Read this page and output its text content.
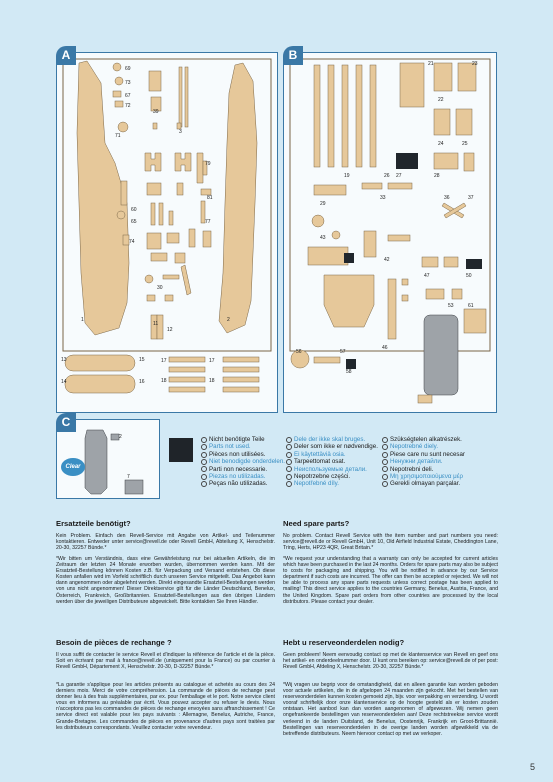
69
73
67
72
71
39
3
79
60
65
81
74
77
30
11
12
1	2
13
14
15
16
17	17
18	18
A
21	23
22
24	25
26 27	28
19
29
33	36	37
43
42
47	50
46
53	61
56	57
58
B
2
7
C
Clear
Nicht benötigte Teile
Parts not used.
Pièces non utilisées.
Niet benodigde onderdelen.
Parti non necessarie.
Piezas no utilizadas.
Peças não utilizadas.
Dele der ikke skal bruges.
Deler som ikke er nødvendige.
Ei käytettäviä osia.
Tarpeettomat osat.
Неиспользуемые детали.
Nepotrzebne części.
Nepotřebné díly.
Szükségtelen alkatrészek.
Nepotrebné diely.
Piese care nu sunt necesar
Ненужни детайли.
Nepotrebni deli.
Μη χρησιμοποιούμενα μέρ
Gerekli olmayan parçalar.
Ersatzteile benötigt?
Kein Problem. Einfach den Revell-Service mit Angabe von Artikel- und Teilenummer kontaktieren. Entweder unter service@revell.de oder Revell GmbH, Abteilung X, Henschelstr. 20-30, 32257 Bünde.*
*Wir bitten um Verständnis, dass eine Gewährleistung nur bei aktuellen Artikeln, die im Zeitraum der letzten 24 Monate erworben wurden, übernommen werden kann. Mit der Ersatzteil-Bestellung können Kosten z.B. für Verpackung und Versand entstehen. Ob diese Kosten anfallen wird im Vorfeld schriftlich durch unseren Service mitgeteilt. Das Angebot kann dann angenommen oder abgelehnt werden. Direkt eingesandte Ersatzteil-Bestellungen werden von uns nicht angenommen! Dieser Direktservice gilt für die Länder Deutschland, Benelux, Österreich, Frankreich, Großbritannien. Ersatzteil-Bestellungen aus den übrigen Ländern werden über die jeweiligen Distributeure abgewickelt. Bitte kontaktien Sie Ihren Händler.
Besoin de pièces de rechange ?
Il vous suffit de contacter le service Revell et d'indiquer la référence de l'article et de la pièce. Soit en écrivant par mail à france@revell.de (uniquement pour la France) ou par courrier à Revell GmbH, Département X, Henschelstr. 20-30, D-32257 Bünde.*
*La garantie s'applique pour les articles présents au catalogue et achetés au cours des 24 derniers mois. Merci de votre compréhension. La commande de pièces de rechange peut donner lieu à des frais supplémentaires, par ex. pour l'emballage et le port. Notre service client vous en informera au préalable par écrit. Vous pouvez accepter ou refuser le devis. Nous n'acceptons pas les commandes de pièces de rechange envoyées sans affranchissement ! Ce service direct est valable pour les pays suivants : Allemagne, Benelux, Autriche, France, Grande-Bretagne. Les commandes de pièces en provenance d'autres pays sont traitées par les distributeurs correspondants. Veuillez contacter votre revendeur.
Need spare parts?
No problem. Contact Revell Service with the item number and part numbers you need: service@revell.de or Revell GmbH, Unit 10, Old Airfield Industrial Estate, Cheddington Lane, Tring, Herts, HP23 4QR, Great Britain.*
*We request your understanding that a warranty can only be accepted for current articles which have been purchased in the last 24 months. Orders for spare parts may also be subject to costs for packaging and shipping. You will be notified in advance by our Service department if such costs are incurred. The offer can then be accepted or rejected. We will not be able to process any spare parts requests unless correct postage has been applied to mailing! This direct service applies to the countries Germany, Benelux, Austria, France, and the United Kingdom. Spare part orders from other countries are processed by the local distributors. Please contact your dealer.
Hebt u reserveonderdelen nodig?
Geen probleem! Neem eenvoudig contact op met de klantenservice van Revell en geef ons het artikel- en onderdeelnummer door. U kunt ons bereiken op: service@revell.de of per post: Revell GmbH, Afdeling X, Henschelstr. 20-30, 32257 Bünde.*
*Wij vragen uw begrip voor de omstandigheid, dat en alleen garantie kan worden geboden voor actuele artikelen, die in de afgelopen 24 maanden zijn gekocht. Met het bestellen van reserveonderdelen kunnen kosten gemoeid zijn, bijv. voor verpakking en verzending. U wordt vooraf schriftelijk door onze klantenservice op de hoogte gesteld als er kosten zouden ontstaan. Het aanbod kan dan worden aangenomen of afgewezen. Wij nemen geen ongefrankeerde bestellingen van reserveonderdelen aan! Deze rechtstreekse service wordt verleend in de landen Duitsland, de Benelux, Oostenrijk, Frankrijk en Groot-Brittannië. Bestellingen van reserveonderdelen in de overige landen worden afgewikkeld via de betreffende distributeurs. Neem hiervoor contact op met uw verkoper.
5
